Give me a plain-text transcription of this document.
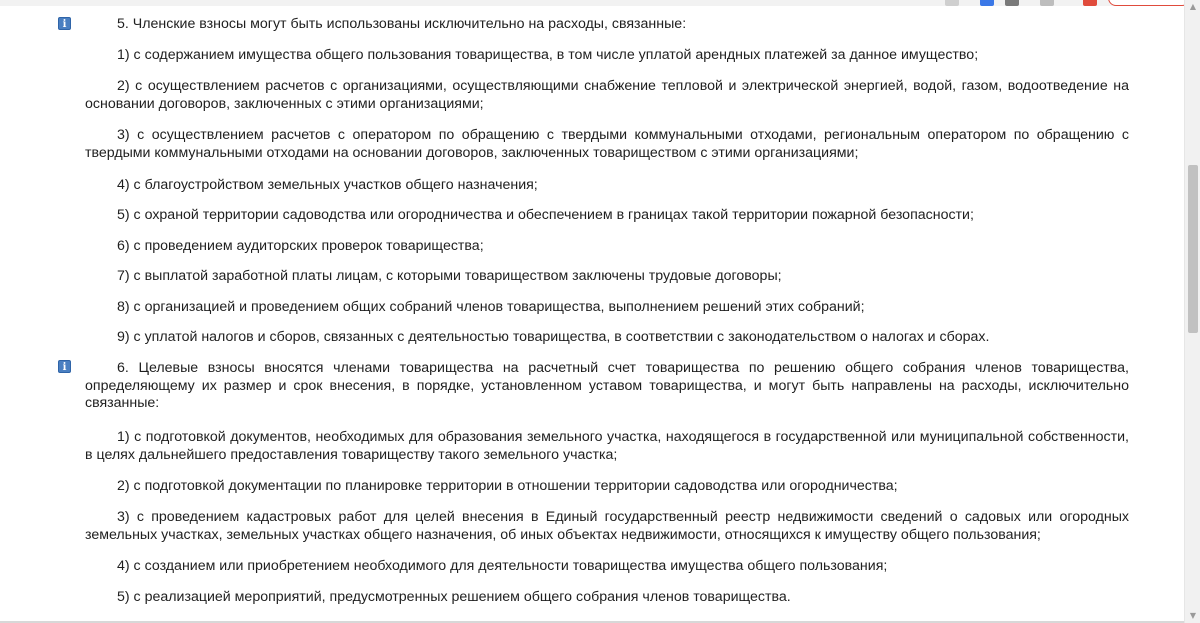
i	5. Членские взносы могут быть использованы исключительно на расходы, связанные:

1) с содержанием имущества общего пользования товарищества, в том числе уплатой арендных платежей за данное имущество;

2) с осуществлением расчетов с организациями, осуществляющими снабжение тепловой и электрической энергией, водой, газом, водоотведение на основании договоров, заключенных с этими организациями;

3) с осуществлением расчетов с оператором по обращению с твердыми коммунальными отходами, региональным оператором по обращению с твердыми коммунальными отходами на основании договоров, заключенных товариществом с этими организациями;

4) с благоустройством земельных участков общего назначения;

5) с охраной территории садоводства или огородничества и обеспечением в границах такой территории пожарной безопасности;

6) с проведением аудиторских проверок товарищества;

7) с выплатой заработной платы лицам, с которыми товариществом заключены трудовые договоры;

8) с организацией и проведением общих собраний членов товарищества, выполнением решений этих собраний;

9) с уплатой налогов и сборов, связанных с деятельностью товарищества, в соответствии с законодательством о налогах и сборах.

i	6. Целевые взносы вносятся членами товарищества на расчетный счет товарищества по решению общего собрания членов товарищества, определяющему их размер и срок внесения, в порядке, установленном уставом товарищества, и могут быть направлены на расходы, исключительно связанные:

1) с подготовкой документов, необходимых для образования земельного участка, находящегося в государственной или муниципальной собственности, в целях дальнейшего предоставления товариществу такого земельного участка;

2) с подготовкой документации по планировке территории в отношении территории садоводства или огородничества;

3) с проведением кадастровых работ для целей внесения в Единый государственный реестр недвижимости сведений о садовых или огородных земельных участках, земельных участках общего назначения, об иных объектах недвижимости, относящихся к имуществу общего пользования;

4) с созданием или приобретением необходимого для деятельности товарищества имущества общего пользования;

5) с реализацией мероприятий, предусмотренных решением общего собрания членов товарищества.

▲
▼
